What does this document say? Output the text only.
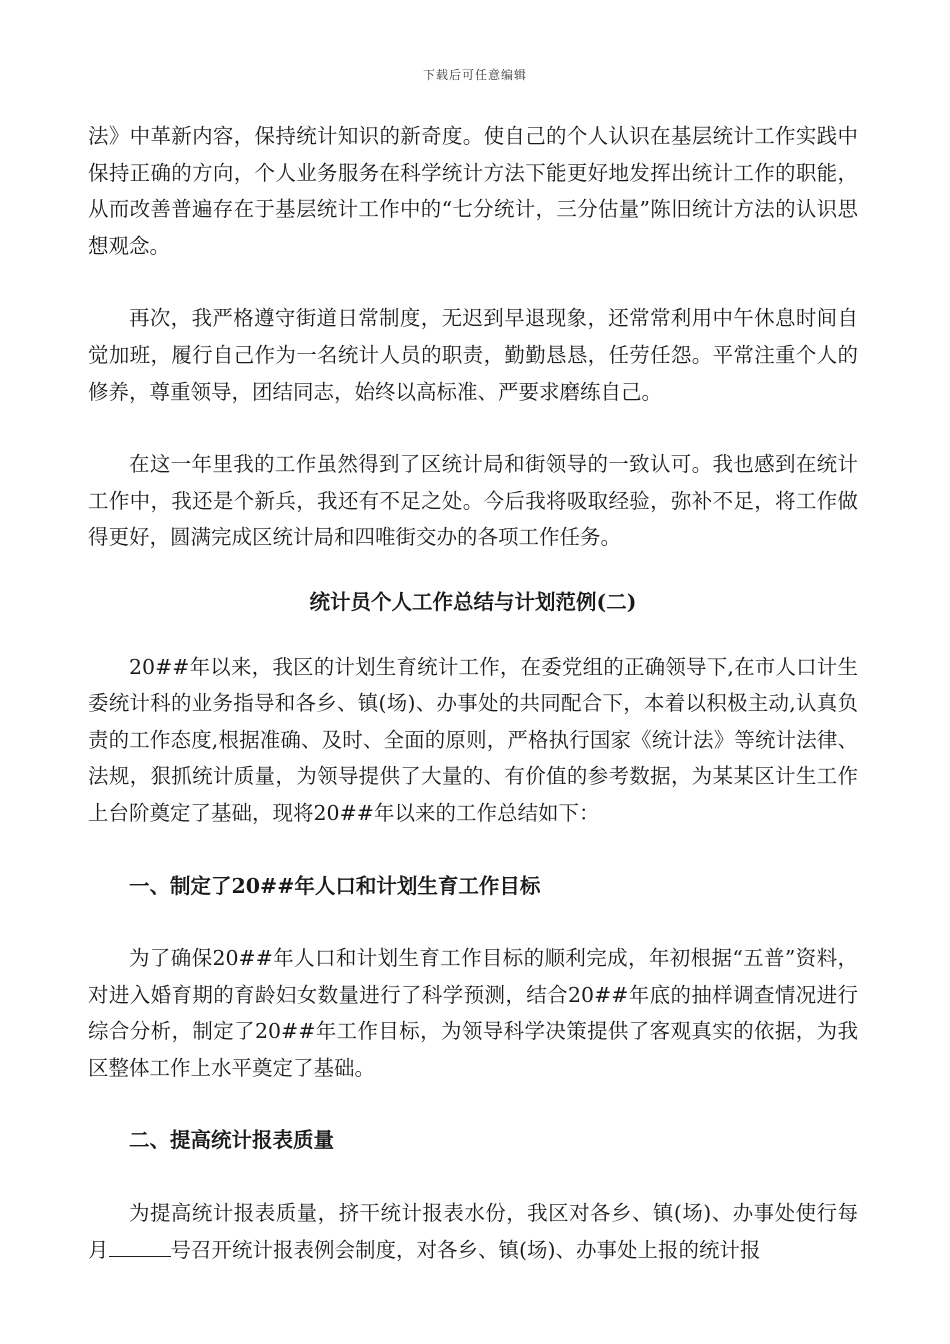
下载后可任意编辑

法》中革新内容，保持统计知识的新奇度。使自己的个人认识在基层统计工作实践中保持正确的方向，个人业务服务在科学统计方法下能更好地发挥出统计工作的职能，从而改善普遍存在于基层统计工作中的“七分统计，三分估量”陈旧统计方法的认识思想观念。

再次，我严格遵守街道日常制度，无迟到早退现象，还常常利用中午休息时间自觉加班，履行自己作为一名统计人员的职责，勤勤恳恳，任劳任怨。平常注重个人的修养，尊重领导，团结同志，始终以高标准、严要求磨练自己。

在这一年里我的工作虽然得到了区统计局和街领导的一致认可。我也感到在统计工作中，我还是个新兵，我还有不足之处。今后我将吸取经验，弥补不足，将工作做得更好，圆满完成区统计局和四唯街交办的各项工作任务。

统计员个人工作总结与计划范例(二)

20##年以来，我区的计划生育统计工作，在委党组的正确领导下,在市人口计生委统计科的业务指导和各乡、镇(场)、办事处的共同配合下，本着以积极主动,认真负责的工作态度,根据准确、及时、全面的原则，严格执行国家《统计法》等统计法律、法规，狠抓统计质量，为领导提供了大量的、有价值的参考数据，为某某区计生工作上台阶奠定了基础，现将20##年以来的工作总结如下：

一、制定了20##年人口和计划生育工作目标

为了确保20##年人口和计划生育工作目标的顺利完成，年初根据“五普”资料，对进入婚育期的育龄妇女数量进行了科学预测，结合20##年底的抽样调查情况进行综合分析，制定了20##年工作目标，为领导科学决策提供了客观真实的依据，为我区整体工作上水平奠定了基础。

二、提高统计报表质量

为提高统计报表质量，挤干统计报表水份，我区对各乡、镇(场)、办事处使行每月	号召开统计报表例会制度，对各乡、镇(场)、办事处上报的统计报
